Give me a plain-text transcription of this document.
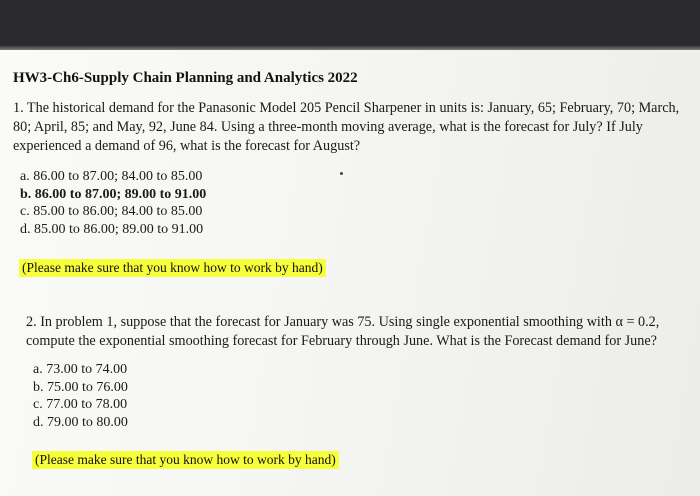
HW3-Ch6-Supply Chain Planning and Analytics 2022
1. The historical demand for the Panasonic Model 205 Pencil Sharpener in units is: January, 65; February, 70; March, 80; April, 85; and May, 92, June 84. Using a three-month moving average, what is the forecast for July? If July experienced a demand of 96, what is the forecast for August?
a. 86.00 to 87.00; 84.00 to 85.00
b. 86.00 to 87.00; 89.00 to 91.00
c. 85.00 to 86.00; 84.00 to 85.00
d. 85.00 to 86.00; 89.00 to 91.00
(Please make sure that you know how to work by hand)
2. In problem 1, suppose that the forecast for January was 75. Using single exponential smoothing with α = 0.2, compute the exponential smoothing forecast for February through June. What is the Forecast demand for June?
a. 73.00 to 74.00
b. 75.00 to 76.00
c. 77.00 to 78.00
d. 79.00 to 80.00
(Please make sure that you know how to work by hand)
